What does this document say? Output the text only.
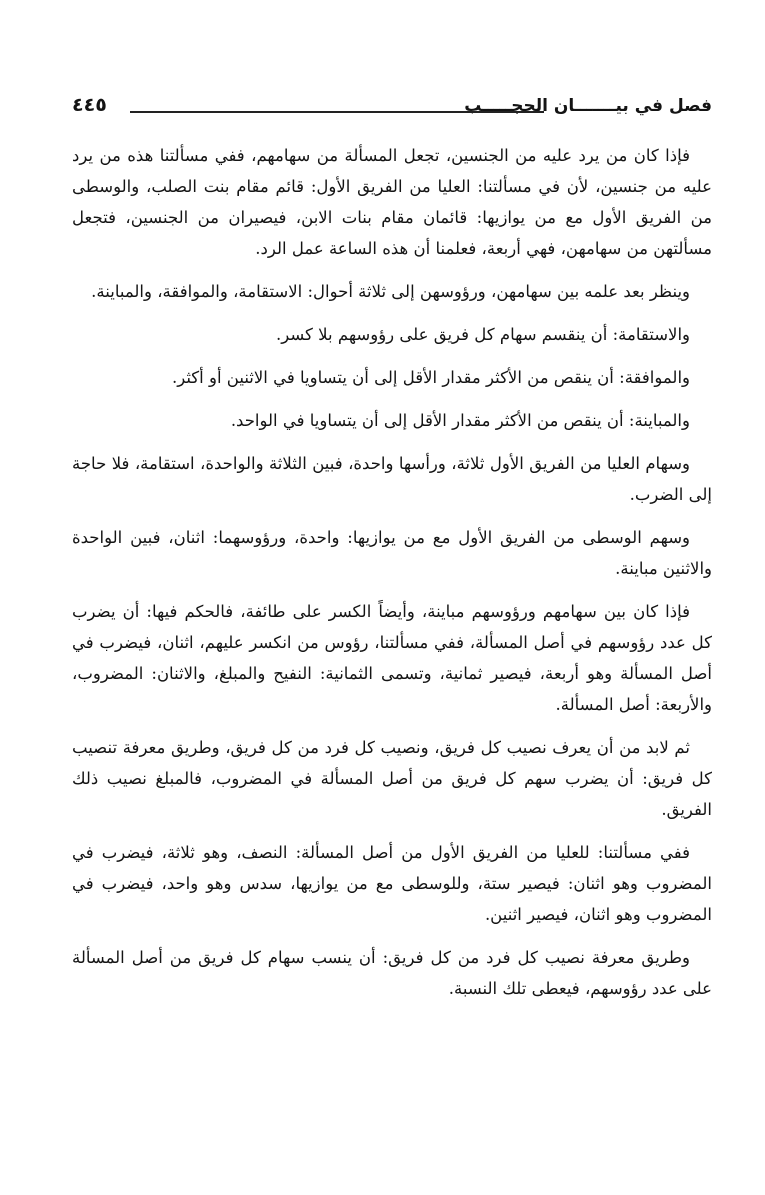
فصل في بيـــــــان الحجـــــب
٤٤٥

فإذا كان من يرد عليه من الجنسين، تجعل المسألة من سهامهم، ففي مسألتنا هذه من يرد عليه من جنسين، لأن في مسألتنا: العليا من الفريق الأول: قائم مقام بنت الصلب، والوسطى من الفريق الأول مع من يوازيها: قائمان مقام بنات الابن، فيصيران من الجنسين، فتجعل مسألتهن من سهامهن، فهي أربعة، فعلمنا أن هذه الساعة عمل الرد.

وينظر بعد علمه بين سهامهن، ورؤوسهن إلى ثلاثة أحوال: الاستقامة، والموافقة، والمباينة.

والاستقامة: أن ينقسم سهام كل فريق على رؤوسهم بلا كسر.

والموافقة: أن ينقص من الأكثر مقدار الأقل إلى أن يتساويا في الاثنين أو أكثر.

والمباينة: أن ينقص من الأكثر مقدار الأقل إلى أن يتساويا في الواحد.

وسهام العليا من الفريق الأول ثلاثة، ورأسها واحدة، فبين الثلاثة والواحدة، استقامة، فلا حاجة إلى الضرب.

وسهم الوسطى من الفريق الأول مع من يوازيها: واحدة، ورؤوسهما: اثنان، فبين الواحدة والاثنين مباينة.

فإذا كان بين سهامهم ورؤوسهم مباينة، وأيضاً الكسر على طائفة، فالحكم فيها: أن يضرب كل عدد رؤوسهم في أصل المسألة، ففي مسألتنا، رؤوس من انكسر عليهم، اثنان، فيضرب في أصل المسألة وهو أربعة، فيصير ثمانية، وتسمى الثمانية: النفيح والمبلغ، والاثنان: المضروب، والأربعة: أصل المسألة.

ثم لابد من أن يعرف نصيب كل فريق، ونصيب كل فرد من كل فريق، وطريق معرفة تنصيب كل فريق: أن يضرب سهم كل فريق من أصل المسألة في المضروب، فالمبلغ نصيب ذلك الفريق.

ففي مسألتنا: للعليا من الفريق الأول من أصل المسألة: النصف، وهو ثلاثة، فيضرب في المضروب وهو اثنان: فيصير ستة، وللوسطى مع من يوازيها، سدس وهو واحد، فيضرب في المضروب وهو اثنان، فيصير اثنين.

وطريق معرفة نصيب كل فرد من كل فريق: أن ينسب سهام كل فريق من أصل المسألة على عدد رؤوسهم، فيعطى تلك النسبة.
